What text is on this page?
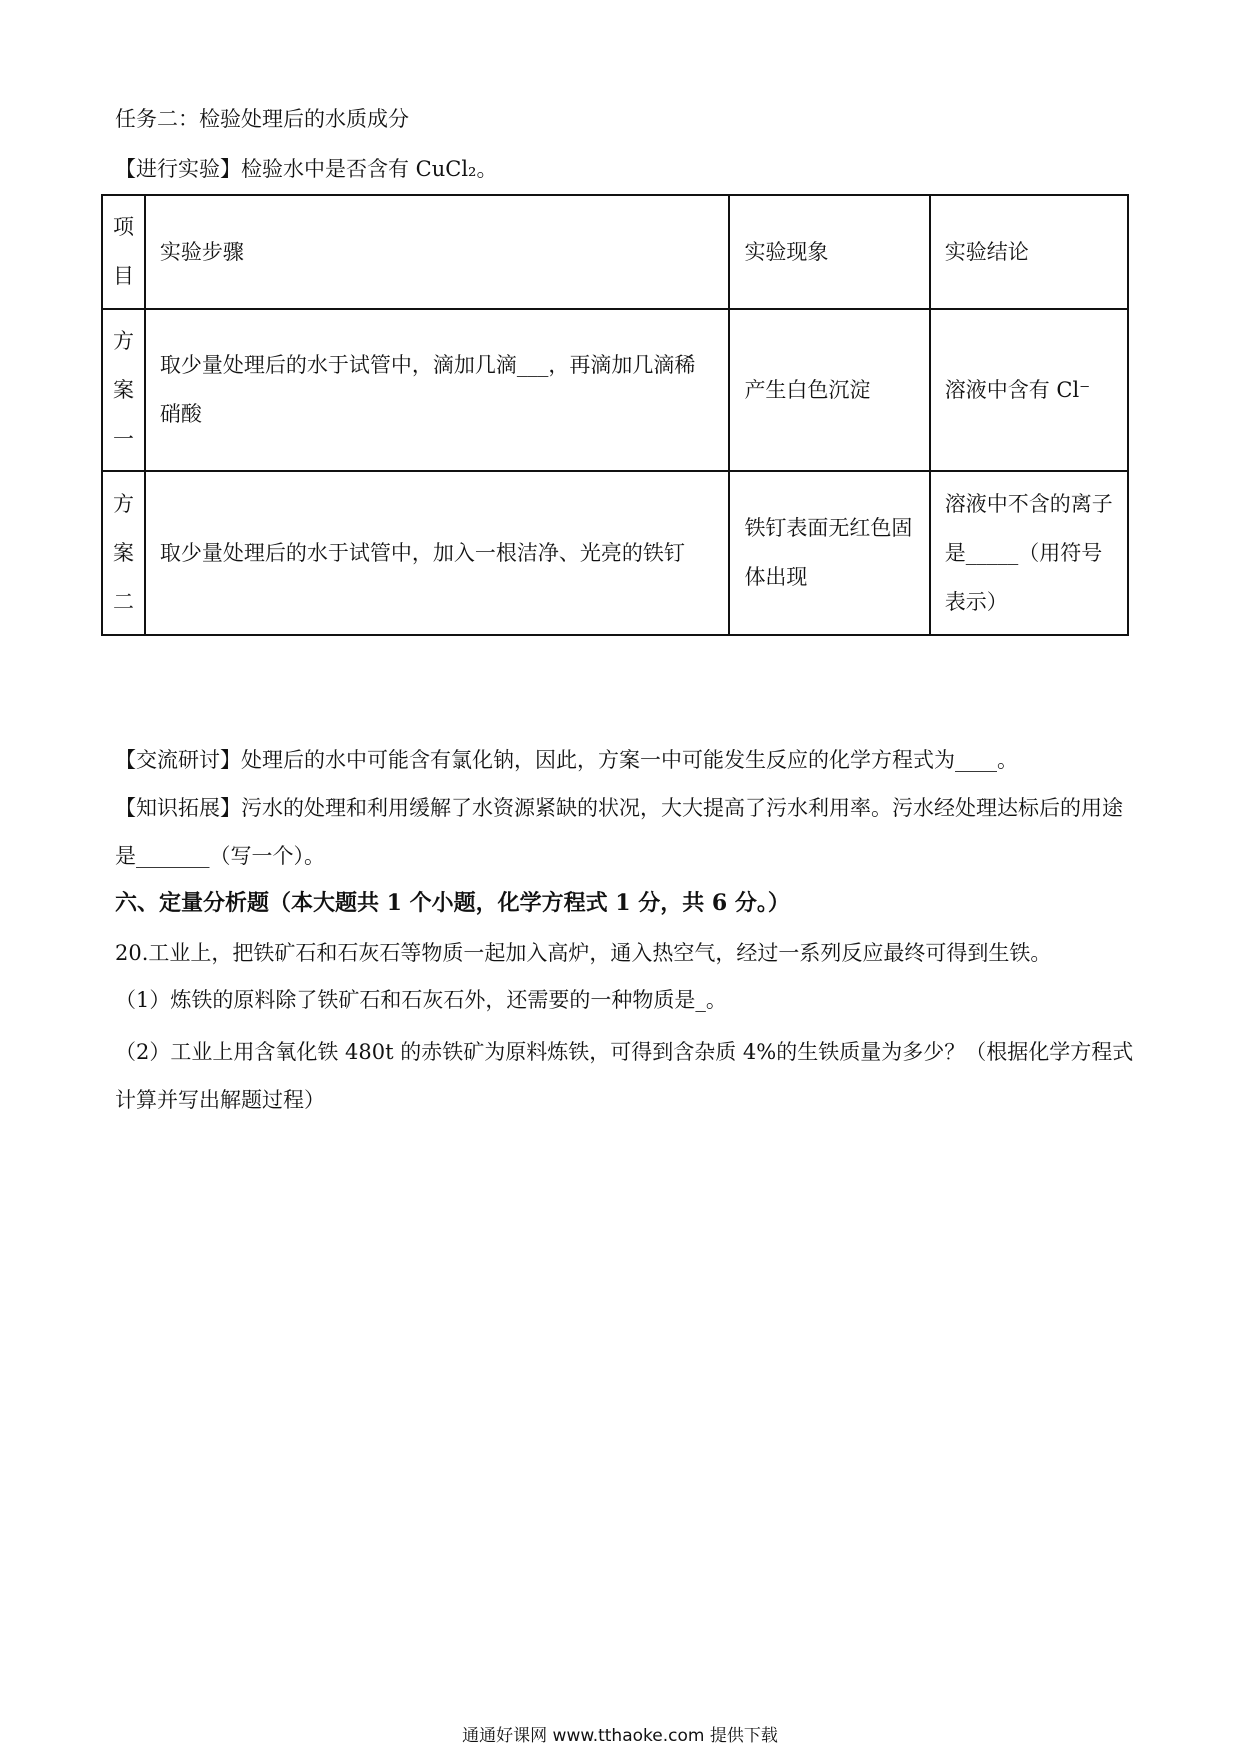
任务二：检验处理后的水质成分
【进行实验】检验水中是否含有 CuCl₂。
项目	实验步骤	实验现象	实验结论

方案一	取少量处理后的水于试管中，滴加几滴___，再滴加几滴稀硝酸	产生白色沉淀	溶液中含有 Cl⁻

方案二	取少量处理后的水于试管中，加入一根洁净、光亮的铁钉	铁钉表面无红色固体出现	溶液中不含的离子是_____（用符号表示）
【交流研讨】处理后的水中可能含有氯化钠，因此，方案一中可能发生反应的化学方程式为____。
【知识拓展】污水的处理和利用缓解了水资源紧缺的状况，大大提高了污水利用率。污水经处理达标后的用途是_______（写一个）。
六、定量分析题（本大题共 1 个小题，化学方程式 1 分，共 6 分。）
20.工业上，把铁矿石和石灰石等物质一起加入高炉，通入热空气，经过一系列反应最终可得到生铁。
（1）炼铁的原料除了铁矿石和石灰石外，还需要的一种物质是_。
（2）工业上用含氧化铁 480t 的赤铁矿为原料炼铁，可得到含杂质 4%的生铁质量为多少？（根据化学方程式计算并写出解题过程）
通通好课网 www.tthaoke.com 提供下载
